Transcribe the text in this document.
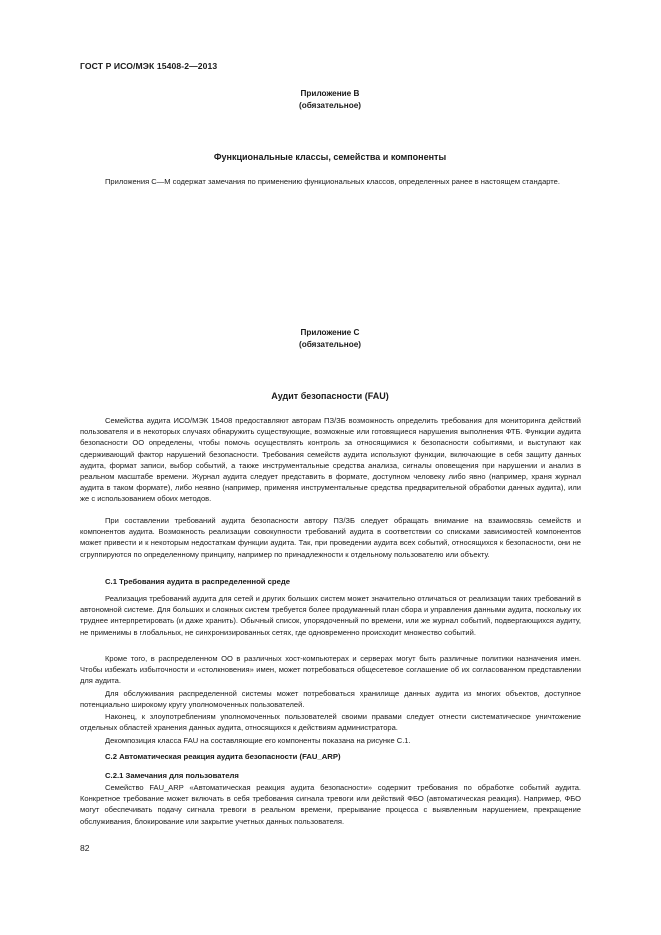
ГОСТ Р ИСО/МЭК 15408-2—2013
Приложение В
(обязательное)
Функциональные классы, семейства и компоненты

Приложения С—М содержат замечания по применению функциональных классов, определенных ранее в настоящем стандарте.

Приложение С
(обязательное)
Аудит безопасности (FAU)

Семейства аудита ИСО/МЭК 15408 предоставляют авторам ПЗ/ЗБ возможность определить требования для мониторинга действий пользователя и в некоторых случаях обнаружить существующие, возможные или готовящиеся нарушения выполнения ФТБ. Функции аудита безопасности ОО определены, чтобы помочь осуществлять контроль за относящимися к безопасности событиями, и выступают как сдерживающий фактор нарушений безопасности. Требования семейств аудита используют функции, включающие в себя защиту данных аудита, формат записи, выбор событий, а также инструментальные средства анализа, сигналы оповещения при нарушении и анализ в реальном масштабе времени. Журнал аудита следует представить в формате, доступном человеку либо явно (например, храня журнал аудита в таком формате), либо неявно (например, применяя инструментальные средства предварительной обработки данных аудита), или же с использованием обоих методов.

При составлении требований аудита безопасности автору ПЗ/ЗБ следует обращать внимание на взаимосвязь семейств и компонентов аудита. Возможность реализации совокупности требований аудита в соответствии со списками зависимостей компонентов может привести и к некоторым недостаткам функции аудита. Так, при проведении аудита всех событий, относящихся к безопасности, они не сгруппируются по определенному принципу, например по принадлежности к отдельному пользователю или объекту.

С.1 Требования аудита в распределенной среде

Реализация требований аудита для сетей и других больших систем может значительно отличаться от реализации таких требований в автономной системе. Для больших и сложных систем требуется более продуманный план сбора и управления данными аудита, поскольку их труднее интерпретировать (и даже хранить). Обычный список, упорядоченный по времени, или же журнал событий, подвергающихся аудиту, не применимы в глобальных, не синхронизированных сетях, где одновременно происходит множество событий.

Кроме того, в распределенном ОО в различных хост-компьютерах и серверах могут быть различные политики назначения имен. Чтобы избежать избыточности и «столкновения» имен, может потребоваться общесетевое соглашение об их согласованном представлении для аудита.

Для обслуживания распределенной системы может потребоваться хранилище данных аудита из многих объектов, доступное потенциально широкому кругу уполномоченных пользователей.

Наконец, к злоупотреблениям уполномоченных пользователей своими правами следует отнести систематическое уничтожение отдельных областей хранения данных аудита, относящихся к действиям администратора.

Декомпозиция класса FAU на составляющие его компоненты показана на рисунке С.1.

С.2 Автоматическая реакция аудита безопасности (FAU_ARP)
С.2.1 Замечания для пользователя

Семейство FAU_ARP «Автоматическая реакция аудита безопасности» содержит требования по обработке событий аудита. Конкретное требование может включать в себя требования сигнала тревоги или действий ФБО (автоматическая реакция). Например, ФБО могут обеспечивать подачу сигнала тревоги в реальном времени, прерывание процесса с выявленным нарушением, прекращение обслуживания, блокирование или закрытие учетных данных пользователя.

82
